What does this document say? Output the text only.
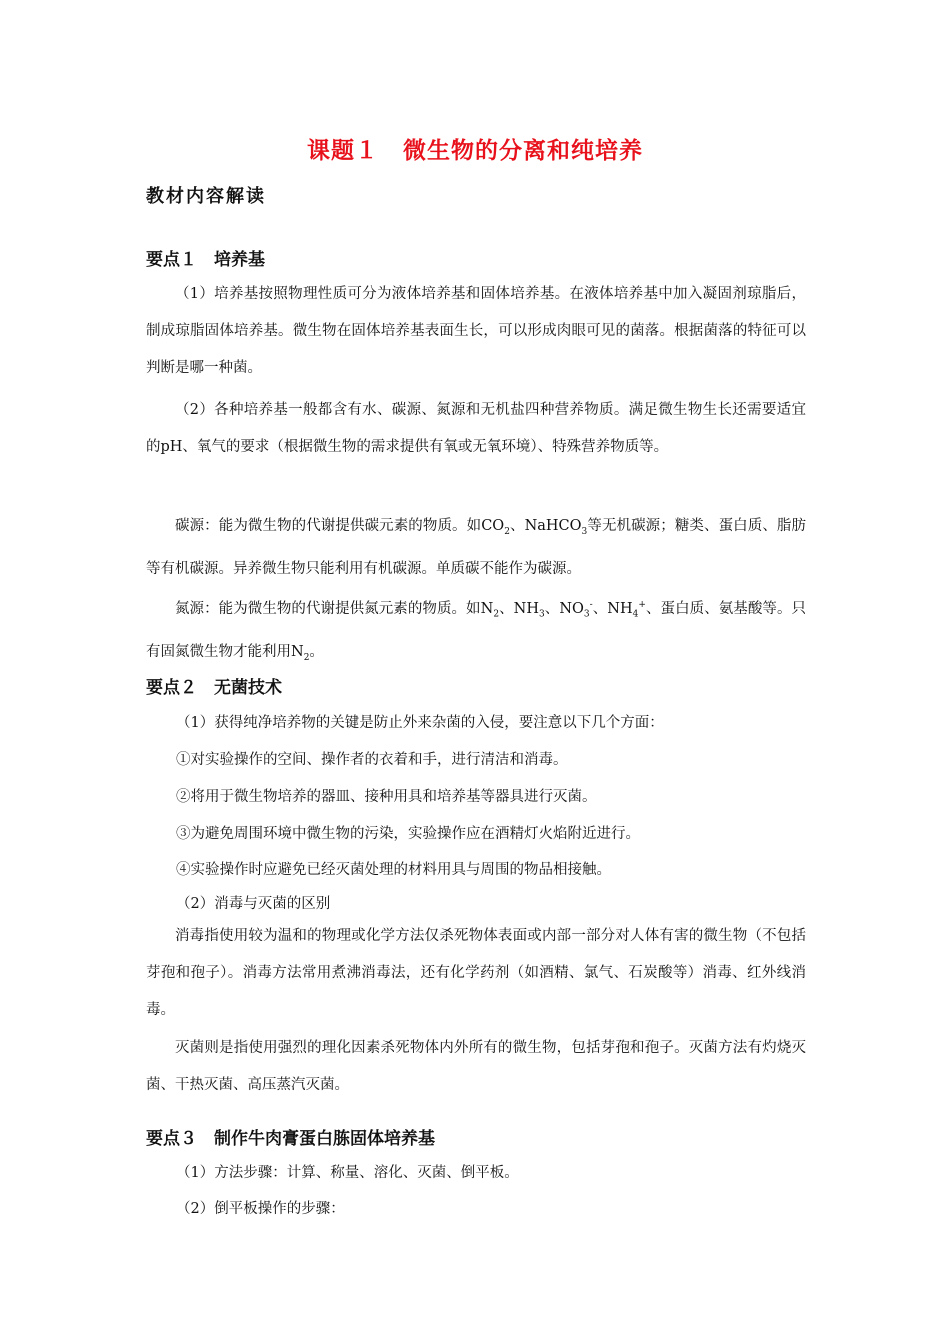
课题１　微生物的分离和纯培养
教材内容解读
要点１　培养基

（1）培养基按照物理性质可分为液体培养基和固体培养基。在液体培养基中加入凝固剂琼脂后，制成琼脂固体培养基。微生物在固体培养基表面生长，可以形成肉眼可见的菌落。根据菌落的特征可以判断是哪一种菌。

（2）各种培养基一般都含有水、碳源、氮源和无机盐四种营养物质。满足微生物生长还需要适宜的pH、氧气的要求（根据微生物的需求提供有氧或无氧环境）、特殊营养物质等。

碳源：能为微生物的代谢提供碳元素的物质。如$CO_2$、NaHCO$_3$等无机碳源；糖类、蛋白质、脂肪等有机碳源。异养微生物只能利用有机碳源。单质碳不能作为碳源。

氮源：能为微生物的代谢提供氮元素的物质。如$N_2$、$NH_3$、$NO_3^-$、$NH_4^+$、蛋白质、氨基酸等。只有固氮微生物才能利用$N_2$。

要点２　无菌技术
（1）获得纯净培养物的关键是防止外来杂菌的入侵，要注意以下几个方面：
①对实验操作的空间、操作者的衣着和手，进行清洁和消毒。
②将用于微生物培养的器皿、接种用具和培养基等器具进行灭菌。
③为避免周围环境中微生物的污染，实验操作应在酒精灯火焰附近进行。
④实验操作时应避免已经灭菌处理的材料用具与周围的物品相接触。
（2）消毒与灭菌的区别

消毒指使用较为温和的物理或化学方法仅杀死物体表面或内部一部分对人体有害的微生物（不包括芽孢和孢子）。消毒方法常用煮沸消毒法，还有化学药剂（如酒精、氯气、石炭酸等）消毒、红外线消毒。

灭菌则是指使用强烈的理化因素杀死物体内外所有的微生物，包括芽孢和孢子。灭菌方法有灼烧灭菌、干热灭菌、高压蒸汽灭菌。

要点３　制作牛肉膏蛋白胨固体培养基
（1）方法步骤：计算、称量、溶化、灭菌、倒平板。
（2）倒平板操作的步骤：
